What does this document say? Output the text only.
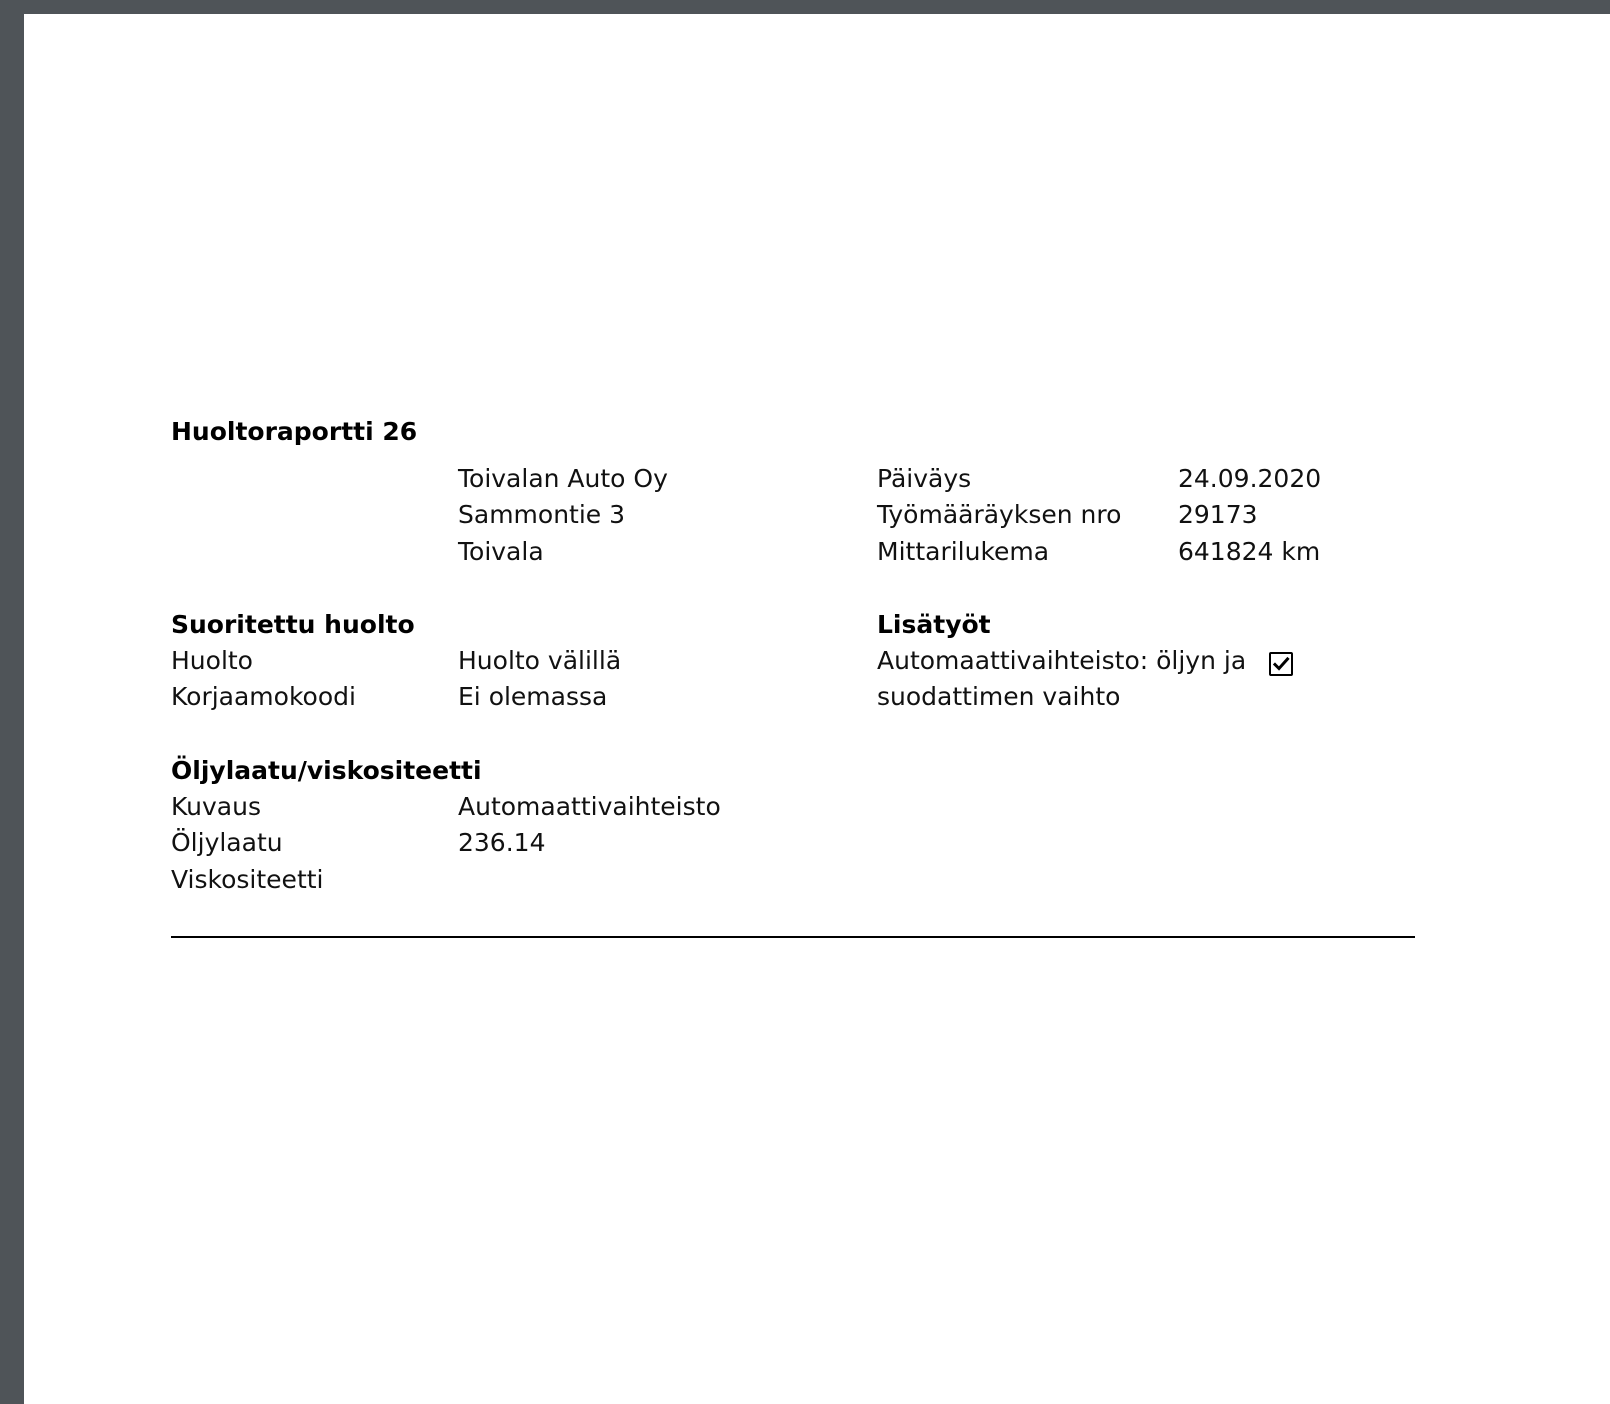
Huoltoraportti 26
Toivalan Auto Oy
Sammontie 3
Toivala
Päiväys	24.09.2020
Työmääräyksen nro 29173
Mittarilukema	641824 km
Suoritettu huolto
Huolto	Huolto välillä
Korjaamokoodi	Ei olemassa
Lisätyöt
Automaattivaihteisto: öljyn ja
suodattimen vaihto
Öljylaatu/viskositeetti
Kuvaus	Automaattivaihteisto
Öljylaatu	236.14
Viskositeetti
